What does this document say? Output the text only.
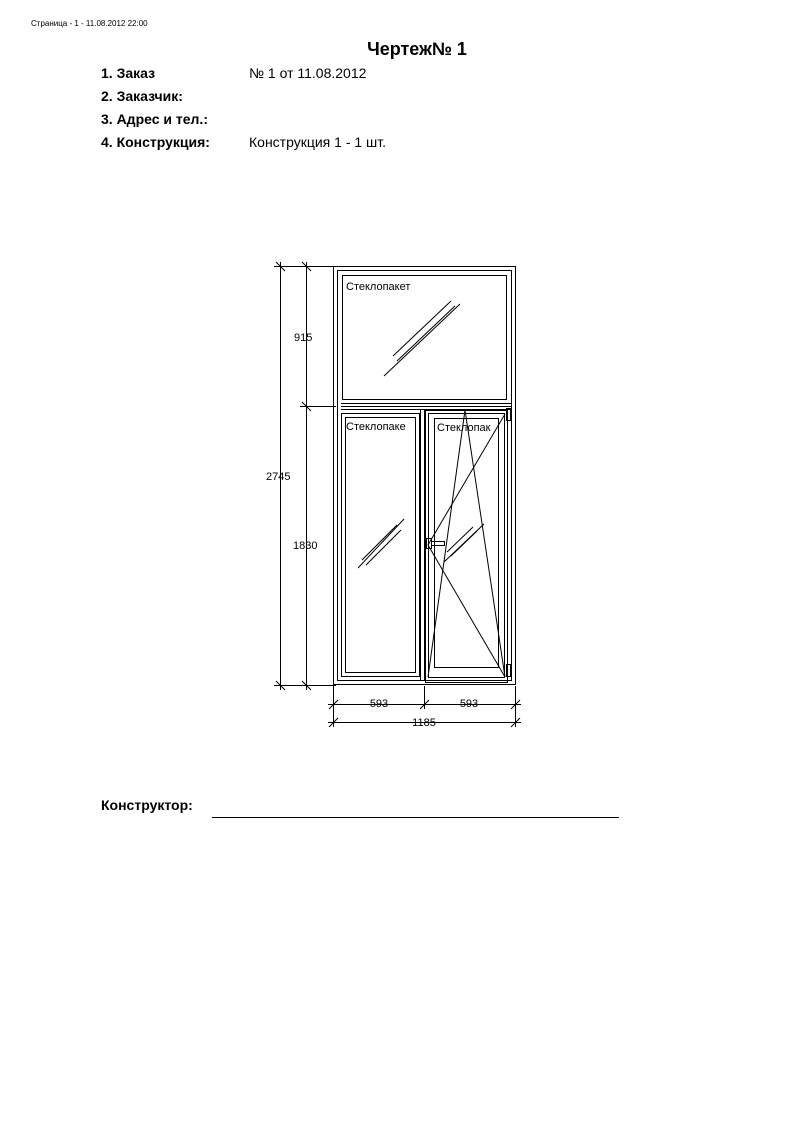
Страница - 1 - 11.08.2012 22:00
Чертеж№ 1
1. Заказ	№ 1 от 11.08.2012
2. Заказчик:
3. Адрес и тел.:
4. Конструкция:	Конструкция 1 - 1 шт.
Стеклопакет
Стеклопаке	Стеклопак
915
2745
1830
593	593
1185
Конструктор:
